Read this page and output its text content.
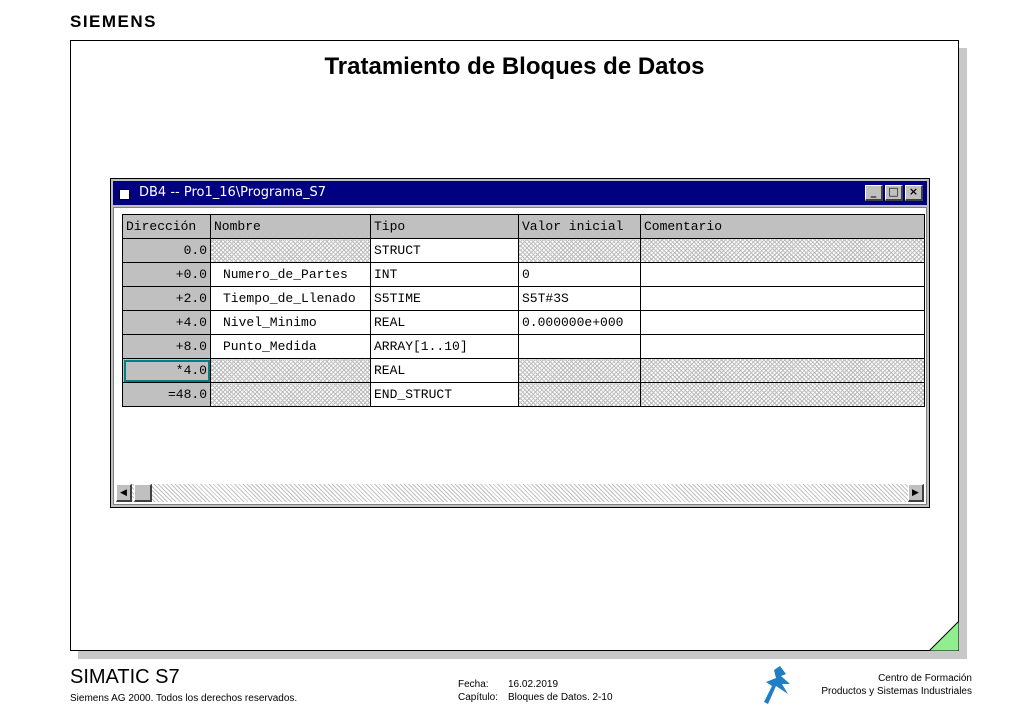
SIEMENS
Tratamiento de Bloques de Datos
DB4 -- Pro1_16\Programa_S7	_	□ ×
Dirección	Nombre	Tipo	Valor inicial	Comentario
0.0		STRUCT		
+0.0	Numero_de_Partes	INT	0	
+2.0	Tiempo_de_Llenado	S5TIME	S5T#3S	
+4.0	Nivel_Minimo	REAL	0.000000e+000	
+8.0	Punto_Medida	ARRAY[1..10]		
*4.0		REAL		
=48.0		END_STRUCT		
◀	▶
SIMATIC S7
Siemens AG 2000. Todos los derechos reservados.
Fecha: 16.02.2019
Capítulo: Bloques de Datos. 2-10
Centro de Formación
Productos y Sistemas Industriales
